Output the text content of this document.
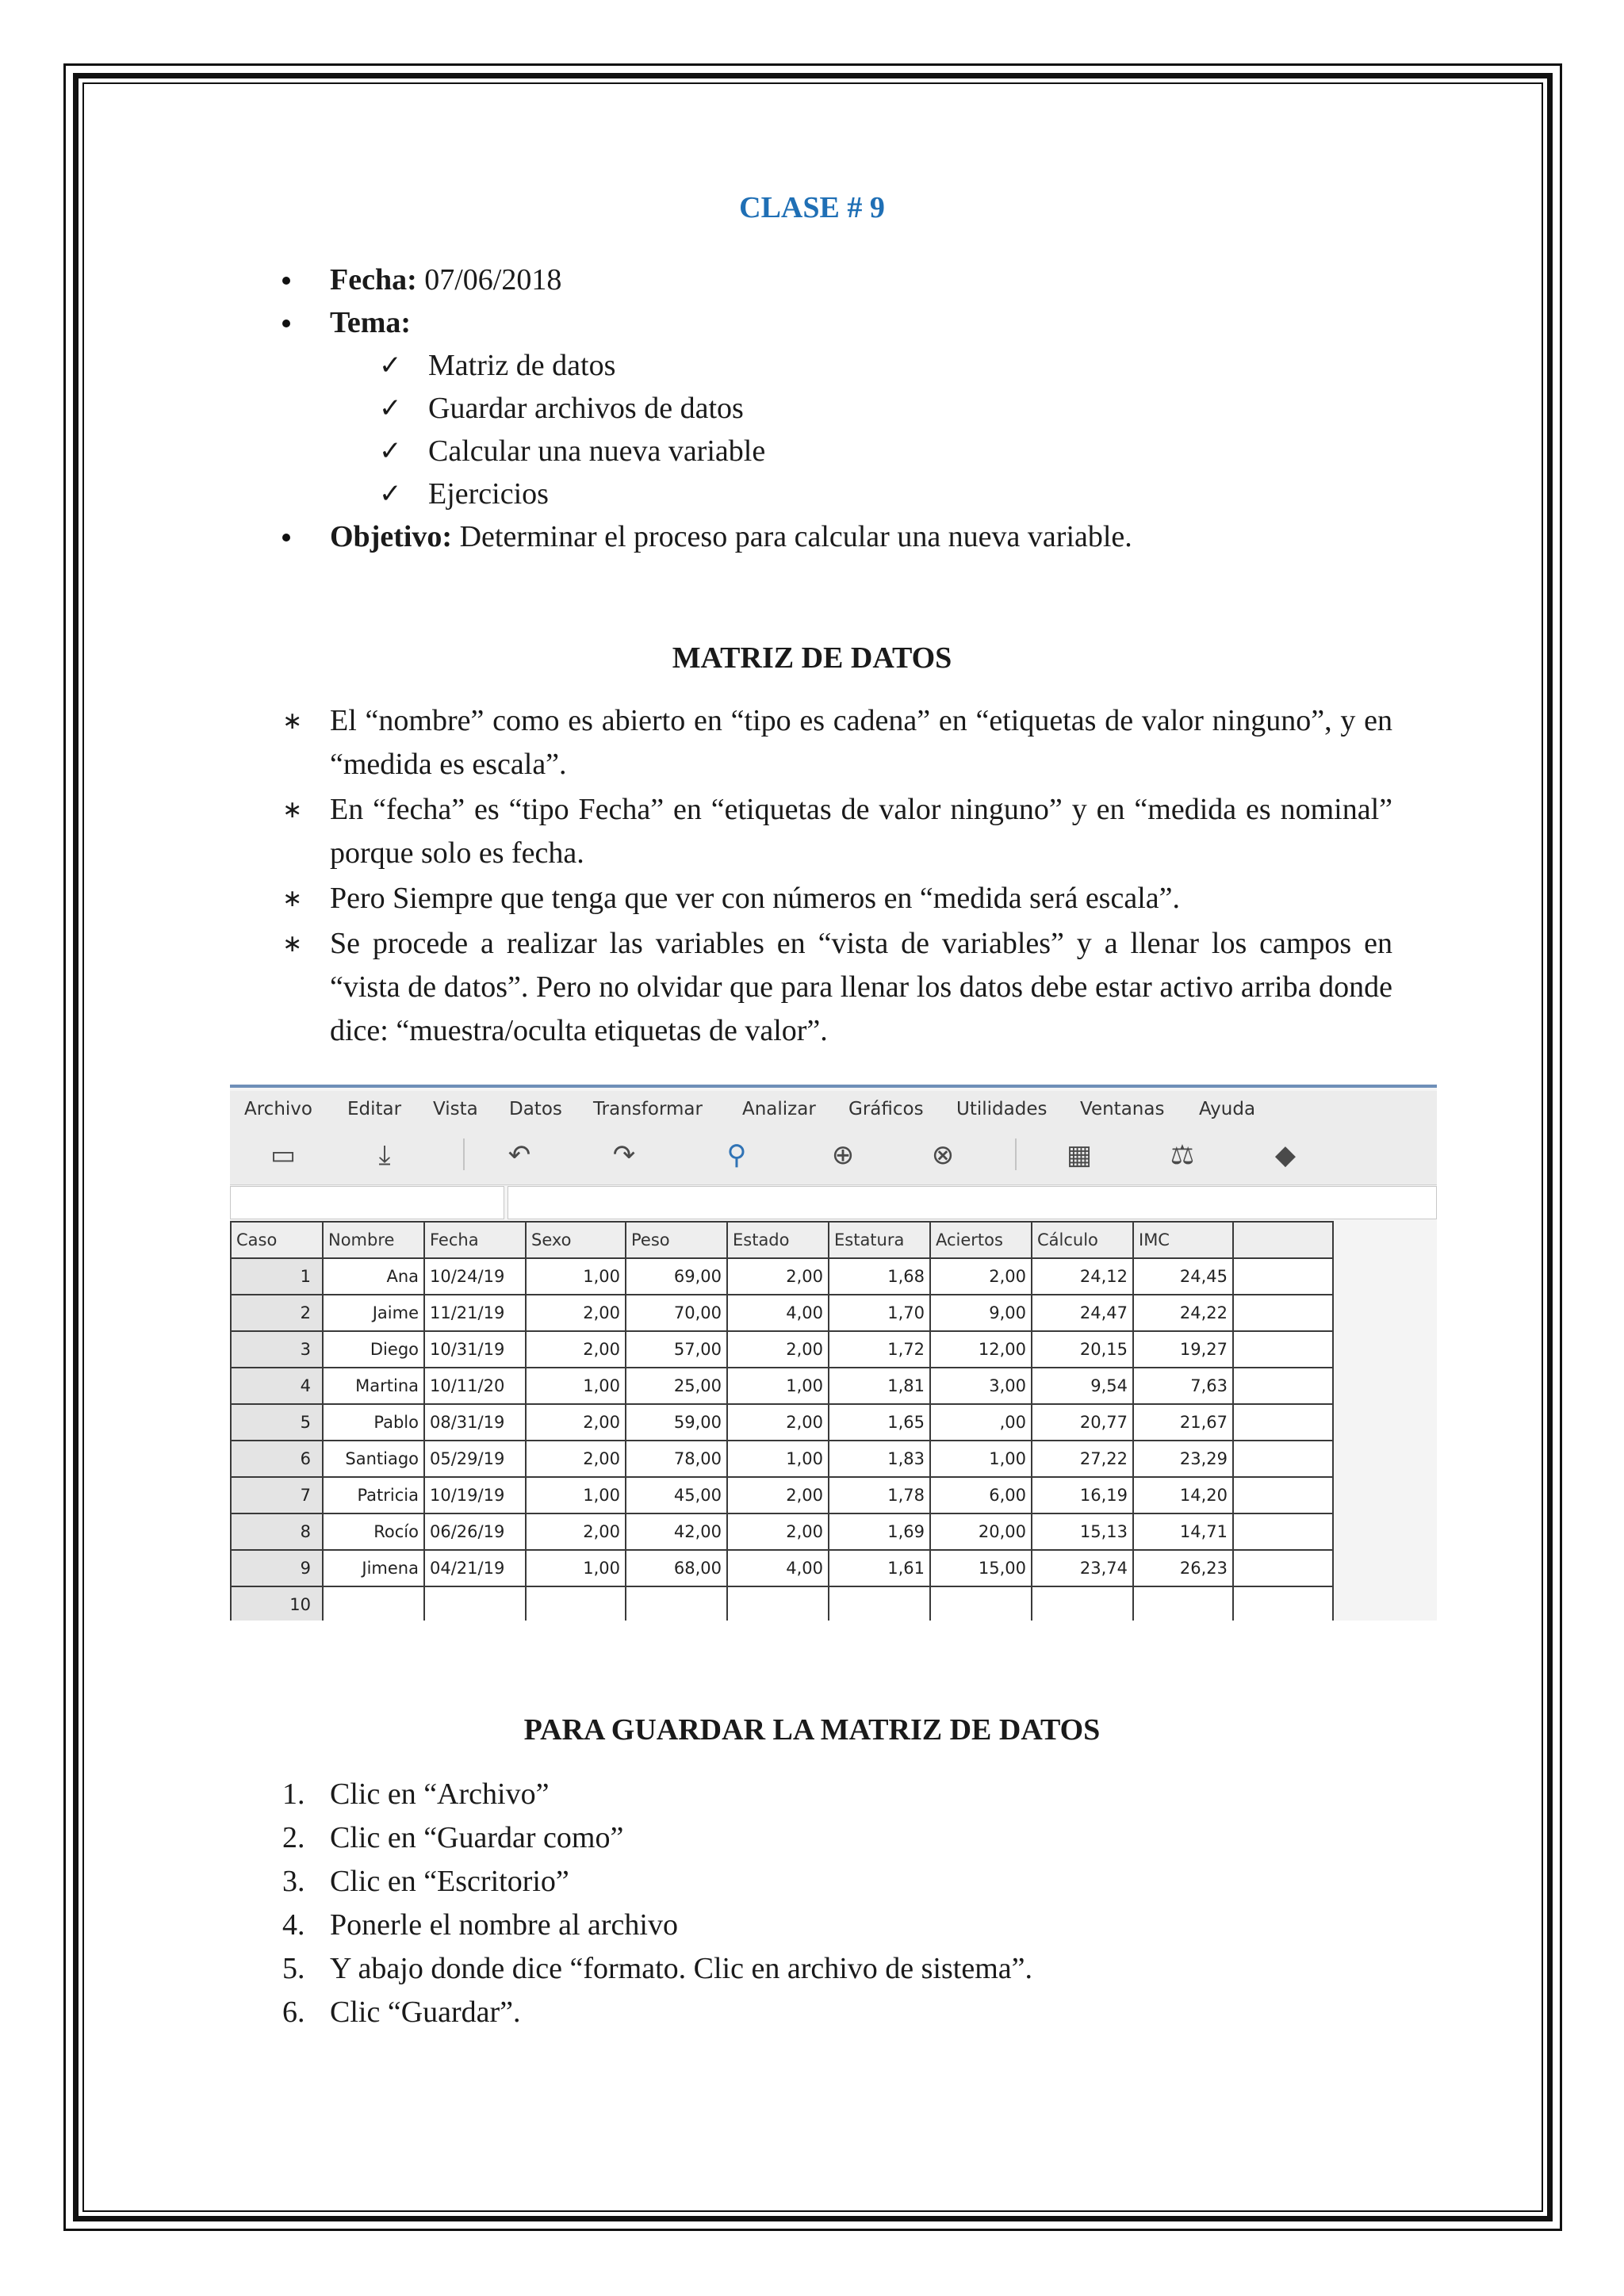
CLASE # 9
Fecha: 07/06/2018
Tema:
✓ Matriz de datos
✓ Guardar archivos de datos
✓ Calcular una nueva variable
✓ Ejercicios
Objetivo: Determinar el proceso para calcular una nueva variable.
MATRIZ DE DATOS
∗ El “nombre” como es abierto en “tipo es cadena” en “etiquetas de valor ninguno”, y en “medida es escala”.
∗ En “fecha” es “tipo Fecha” en “etiquetas de valor ninguno” y en “medida es nominal” porque solo es fecha.
∗ Pero Siempre que tenga que ver con números en “medida será escala”.
∗ Se procede a realizar las variables en “vista de variables” y a llenar los campos en “vista de datos”. Pero no olvidar que para llenar los datos debe estar activo arriba donde dice: “muestra/oculta etiquetas de valor”.
Archivo Editar Vista Datos Transformar Analizar Gráficos Utilidades Ventanas Ayuda
▭	⤓	↶	↷	⚲	⊕	⊗	▦	⚖	◆
Caso	Nombre	Fecha	Sexo	Peso	Estado	Estatura	Aciertos	Cálculo	IMC	
1	Ana	10/24/19	1,00	69,00	2,00	1,68	2,00	24,12	24,45	
2	Jaime	11/21/19	2,00	70,00	4,00	1,70	9,00	24,47	24,22	
3	Diego	10/31/19	2,00	57,00	2,00	1,72	12,00	20,15	19,27	
4	Martina	10/11/20	1,00	25,00	1,00	1,81	3,00	9,54	7,63	
5	Pablo	08/31/19	2,00	59,00	2,00	1,65	,00	20,77	21,67	
6	Santiago	05/29/19	2,00	78,00	1,00	1,83	1,00	27,22	23,29	
7	Patricia	10/19/19	1,00	45,00	2,00	1,78	6,00	16,19	14,20	
8	Rocío	06/26/19	2,00	42,00	2,00	1,69	20,00	15,13	14,71	
9	Jimena	04/21/19	1,00	68,00	4,00	1,61	15,00	23,74	26,23	
10										
PARA GUARDAR LA MATRIZ DE DATOS
1. Clic en “Archivo”
2. Clic en “Guardar como”
3. Clic en “Escritorio”
4. Ponerle el nombre al archivo
5. Y abajo donde dice “formato. Clic en archivo de sistema”.
6. Clic “Guardar”.
